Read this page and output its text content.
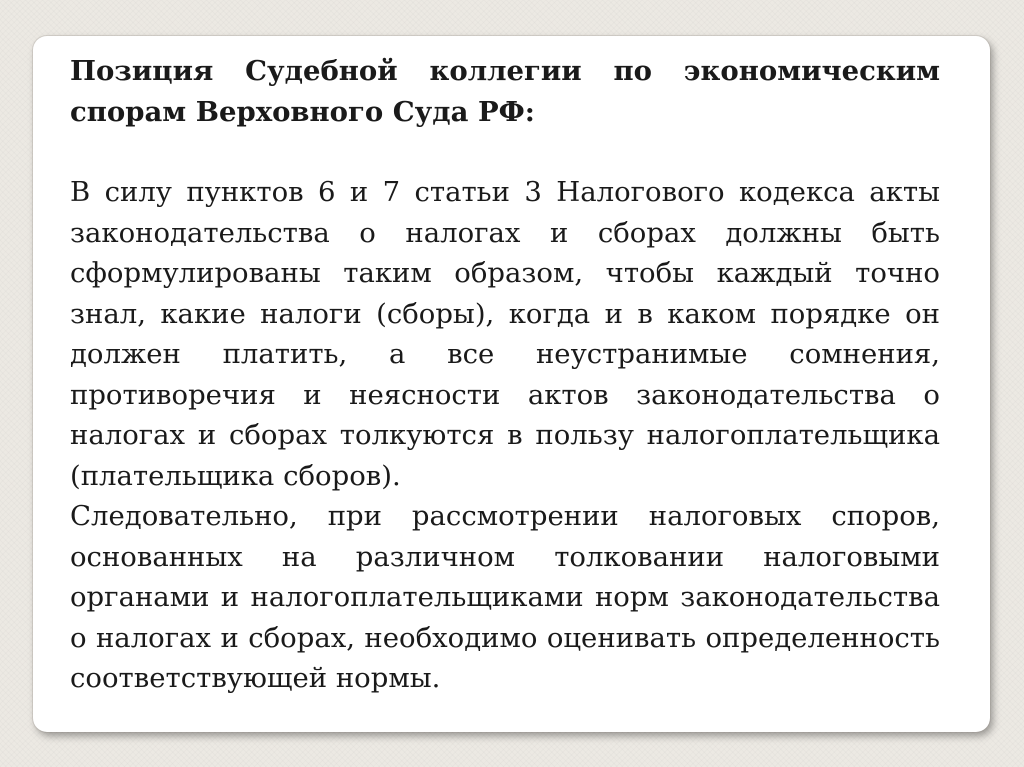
Позиция Судебной коллегии по экономическим спорам Верховного Суда РФ:

В силу пунктов 6 и 7 статьи 3 Налогового кодекса акты законодательства о налогах и сборах должны быть сформулированы таким образом, чтобы каждый точно знал, какие налоги (сборы), когда и в каком порядке он должен платить, а все неустранимые сомнения, противоречия и неясности актов законодательства о налогах и сборах толкуются в пользу налогоплательщика (плательщика сборов).

Следовательно, при рассмотрении налоговых споров, основанных на различном толковании налоговыми органами и налогоплательщиками норм законодательства о налогах и сборах, необходимо оценивать определенность соответствующей нормы.
